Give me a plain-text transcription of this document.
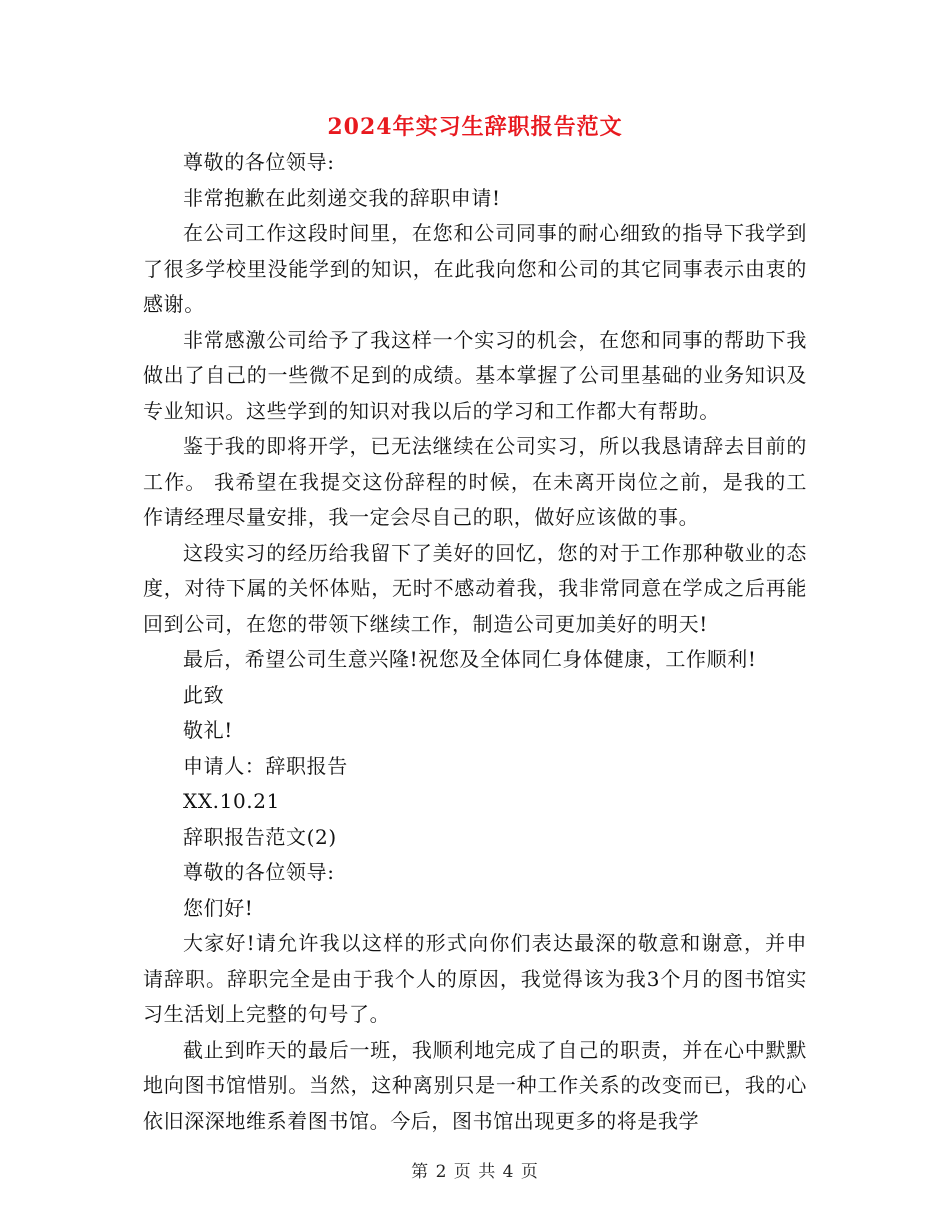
2024年实习生辞职报告范文

尊敬的各位领导:

非常抱歉在此刻递交我的辞职申请!

在公司工作这段时间里，在您和公司同事的耐心细致的指导下我学到了很多学校里没能学到的知识，在此我向您和公司的其它同事表示由衷的感谢。

非常感激公司给予了我这样一个实习的机会，在您和同事的帮助下我做出了自己的一些微不足到的成绩。基本掌握了公司里基础的业务知识及专业知识。这些学到的知识对我以后的学习和工作都大有帮助。

鉴于我的即将开学，已无法继续在公司实习，所以我恳请辞去目前的工作。 我希望在我提交这份辞程的时候，在未离开岗位之前，是我的工作请经理尽量安排，我一定会尽自己的职，做好应该做的事。

这段实习的经历给我留下了美好的回忆，您的对于工作那种敬业的态度，对待下属的关怀体贴，无时不感动着我，我非常同意在学成之后再能回到公司，在您的带领下继续工作，制造公司更加美好的明天!

最后，希望公司生意兴隆!祝您及全体同仁身体健康，工作顺利!

此致

敬礼!

申请人：辞职报告

XX.10.21

辞职报告范文(2)

尊敬的各位领导:

您们好!

大家好!请允许我以这样的形式向你们表达最深的敬意和谢意，并申请辞职。辞职完全是由于我个人的原因，我觉得该为我3个月的图书馆实习生活划上完整的句号了。

截止到昨天的最后一班，我顺利地完成了自己的职责，并在心中默默地向图书馆惜别。当然，这种离别只是一种工作关系的改变而已，我的心依旧深深地维系着图书馆。今后，图书馆出现更多的将是我学

第 2 页 共 4 页
